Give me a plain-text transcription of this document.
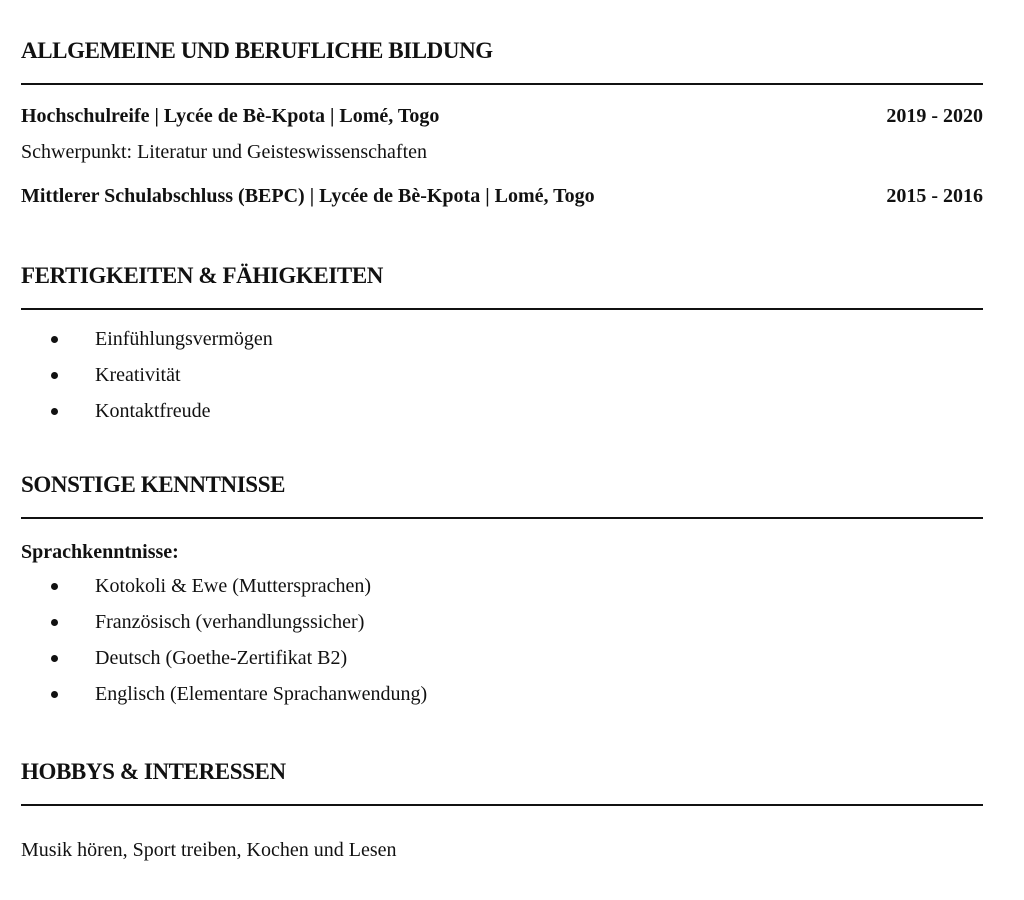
ALLGEMEINE UND BERUFLICHE BILDUNG
Hochschulreife | Lycée de Bè-Kpota | Lomé, Togo	2019 - 2020
Schwerpunkt: Literatur und Geisteswissenschaften
Mittlerer Schulabschluss (BEPC) | Lycée de Bè-Kpota | Lomé, Togo	2015 - 2016
FERTIGKEITEN & FÄHIGKEITEN
Einfühlungsvermögen
Kreativität
Kontaktfreude
SONSTIGE KENNTNISSE
Sprachkenntnisse:
Kotokoli & Ewe (Muttersprachen)
Französisch (verhandlungssicher)
Deutsch (Goethe-Zertifikat B2)
Englisch (Elementare Sprachanwendung)
HOBBYS & INTERESSEN
Musik hören, Sport treiben, Kochen und Lesen
